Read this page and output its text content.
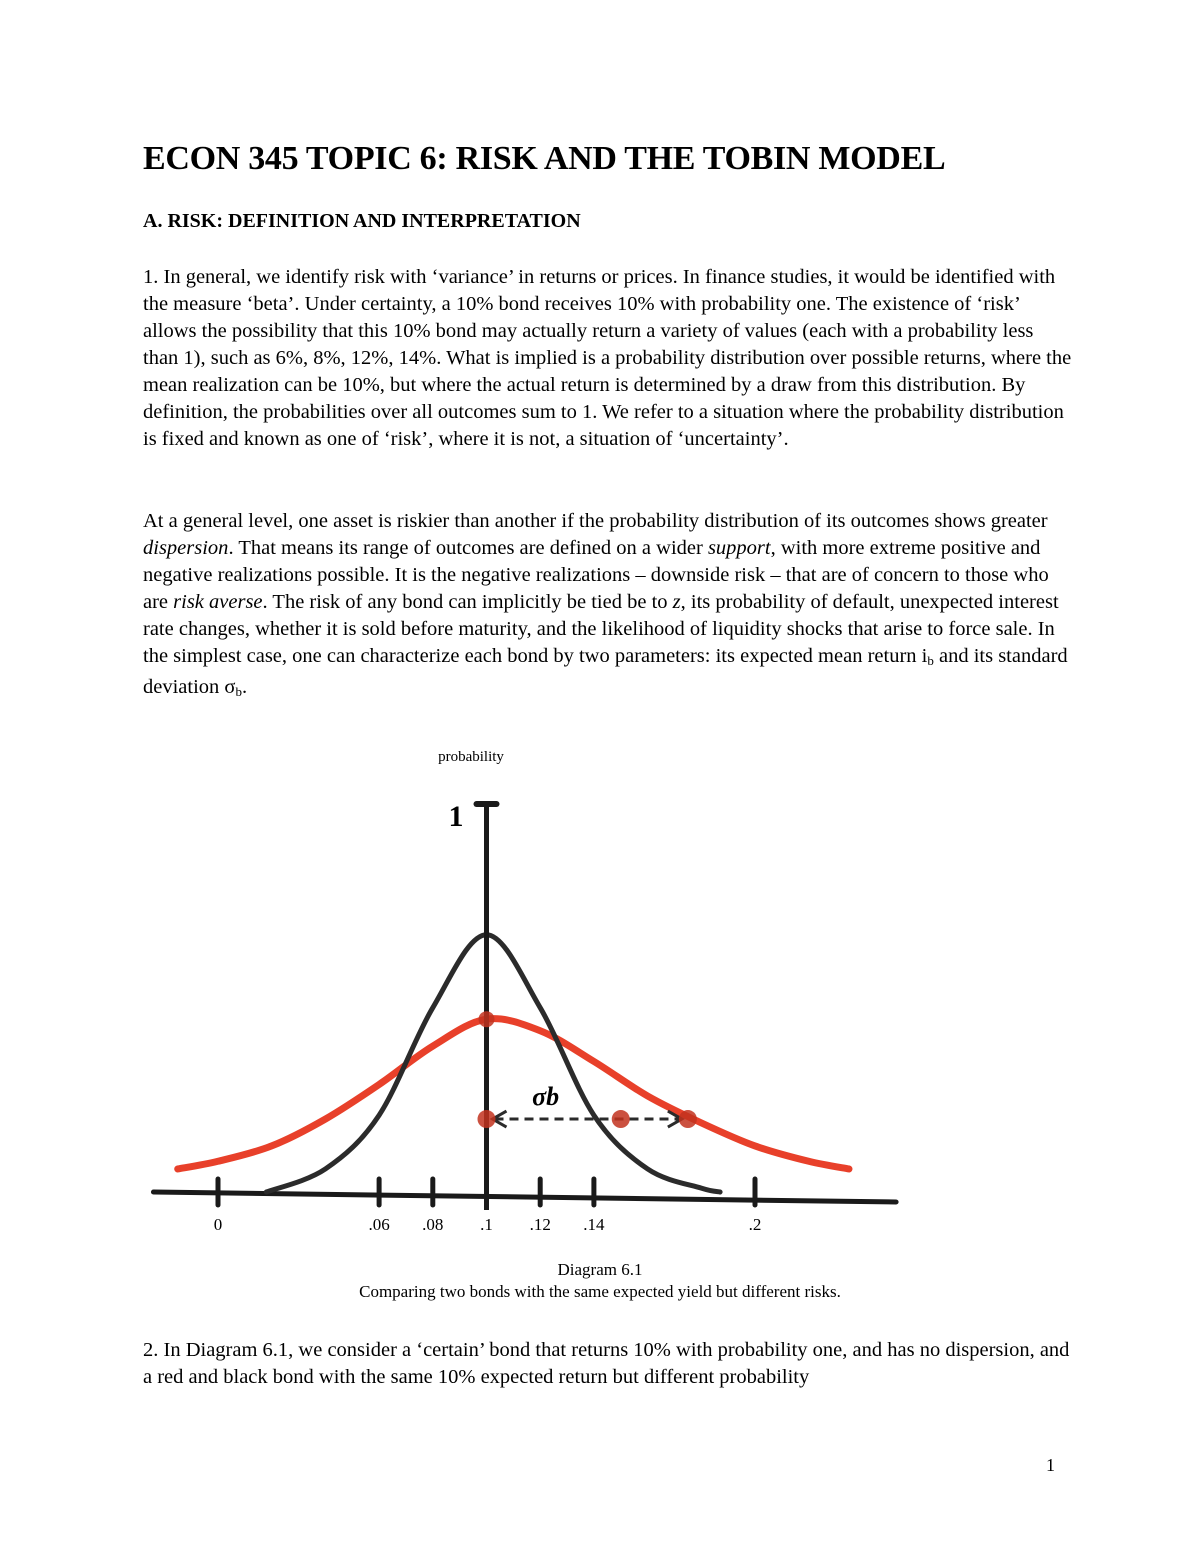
ECON 345 TOPIC 6: RISK AND THE TOBIN MODEL
A. RISK: DEFINITION AND INTERPRETATION

1. In general, we identify risk with ‘variance’ in returns or prices. In finance studies, it would be identified with the measure ‘beta’. Under certainty, a 10% bond receives 10% with probability one. The existence of ‘risk’ allows the possibility that this 10% bond may actually return a variety of values (each with a probability less than 1), such as 6%, 8%, 12%, 14%. What is implied is a probability distribution over possible returns, where the mean realization can be 10%, but where the actual return is determined by a draw from this distribution. By definition, the probabilities over all outcomes sum to 1. We refer to a situation where the probability distribution is fixed and known as one of ‘risk’, where it is not, a situation of ‘uncertainty’.

At a general level, one asset is riskier than another if the probability distribution of its outcomes shows greater dispersion. That means its range of outcomes are defined on a wider support, with more extreme positive and negative realizations possible. It is the negative realizations – downside risk – that are of concern to those who are risk averse. The risk of any bond can implicitly be tied be to z, its probability of default, unexpected interest rate changes, whether it is sold before maturity, and the likelihood of liquidity shocks that arise to force sale. In the simplest case, one can characterize each bond by two parameters: its expected mean return $i_b$ and its standard deviation $\sigma_b$.

probability
σb
1
0	.06 .08 .1 .12 .14	.2

Diagram 6.1

Comparing two bonds with the same expected yield but different risks.

2. In Diagram 6.1, we consider a ‘certain’ bond that returns 10% with probability one, and has no dispersion, and a red and black bond with the same 10% expected return but different probability

1
